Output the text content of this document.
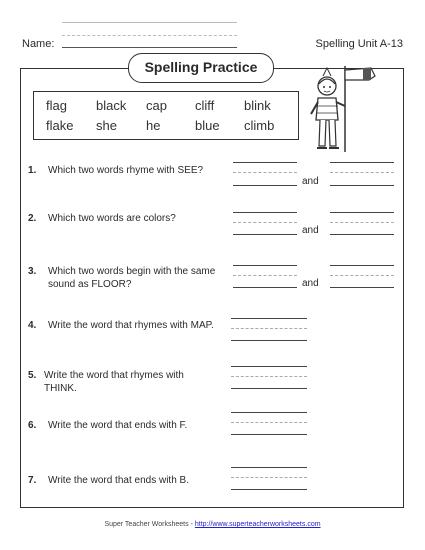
Name:	Spelling Unit A-13
Spelling Practice
flag black cap cliff blink
flake she he	blue climb
1. Which two words rhyme with SEE?
and
2. Which two words are colors?
and
3. Which two words begin with the same sound as FLOOR?	and
4. Write the word that rhymes with MAP.
5. Write the word that rhymes with THINK.
6. Write the word that ends with F.
7. Write the word that ends with B.
Super Teacher Worksheets - http://www.superteacherworksheets.com
